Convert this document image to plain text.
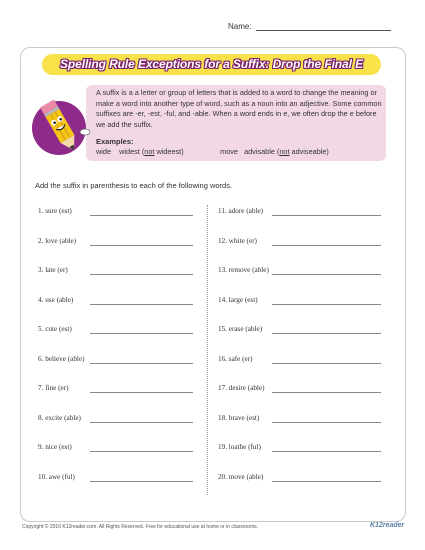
Name:
Spelling Rule Exceptions for a Suffix: Drop the Final E
A suffix is a a letter or group of letters that is added to a word to change the meaning or make a word into another type of word, such as a noun into an adjective. Some common suffixes are -er, -est, -ful, and -able. When a word ends in e, we often drop the e before we add the suffix.
Examples:
wide widest (not wideest)	move advisable (not adviseable)
Add the suffix in parenthesis to each of the following words.
1. sure (est)
2. love (able)
3. late (er)
4. use (able)
5. cute (est)
6. believe (able)
7. fine (er)
8. excite (able)
9. nice (est)
10. awe (ful)
11. adore (able)
12. white (er)
13. remove (able)
14. large (est)
15. erase (able)
16. safe (er)
17. desire (able)
18. brave (est)
19. loathe (ful)
20. move (able)
Copyright © 2016 K12reader.com. All Rights Reserved. Free for educational use at home or in classrooms.	K12reader
